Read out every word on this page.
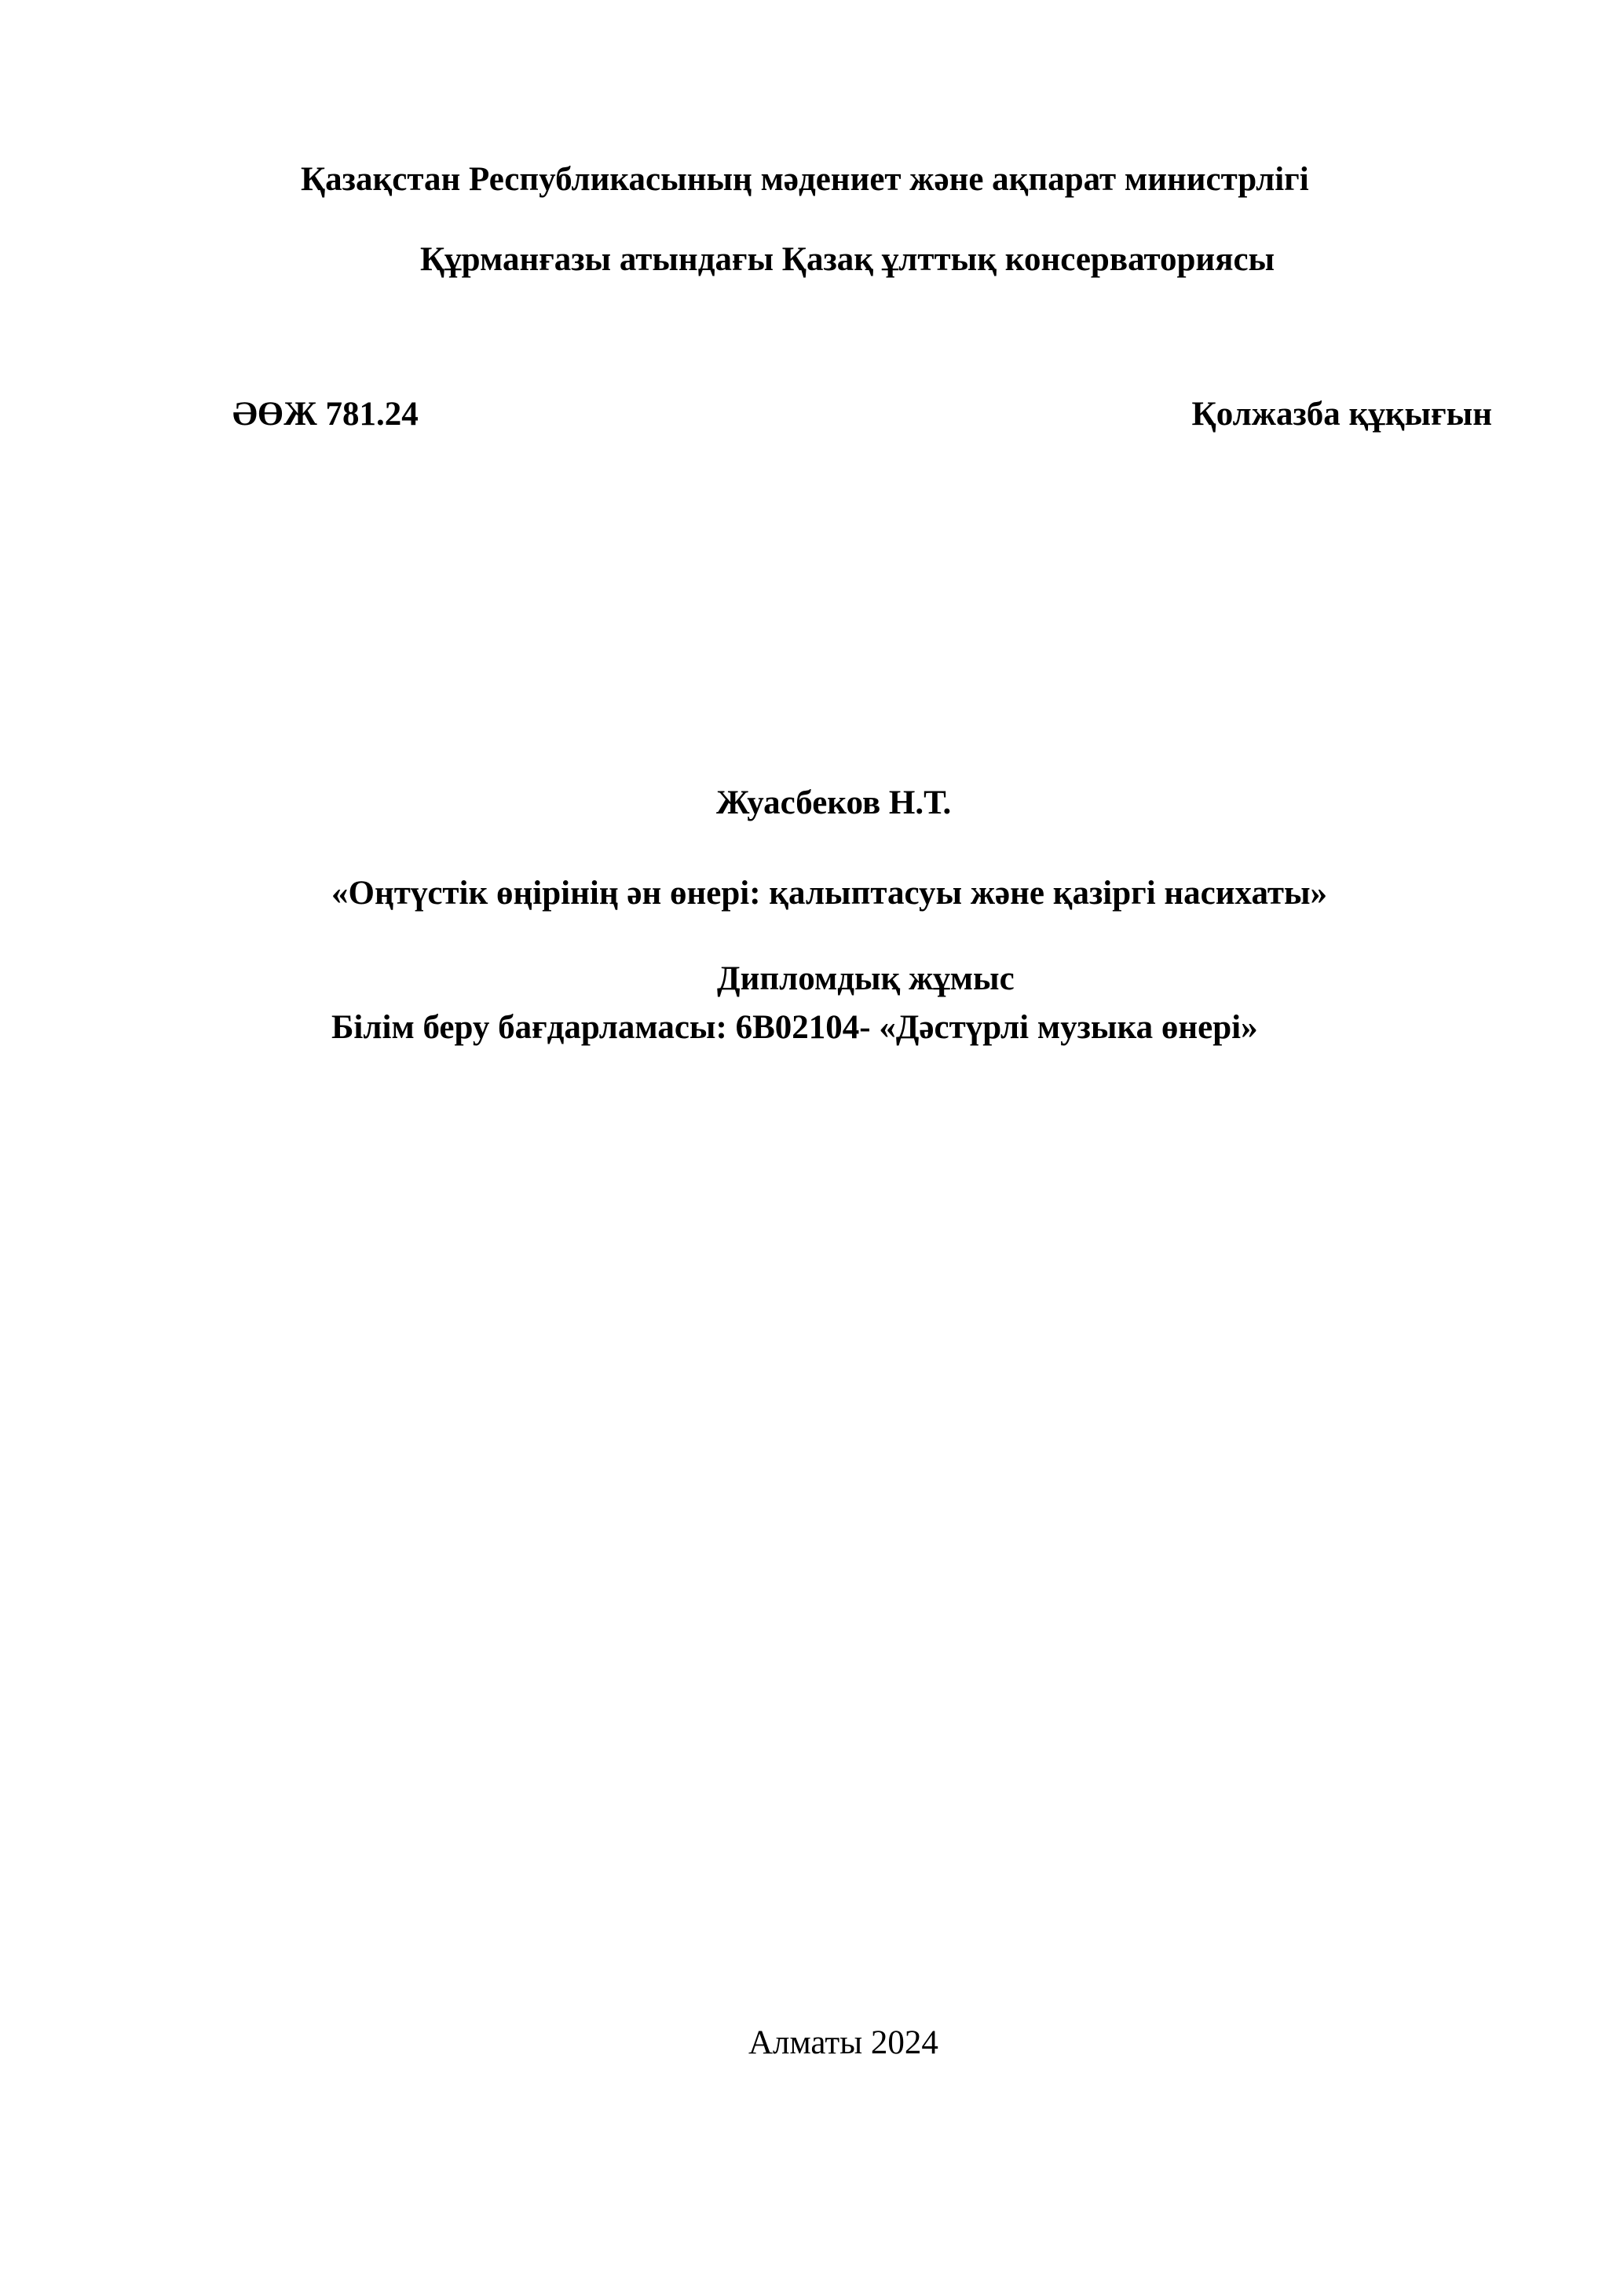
Қазақстан Республикасының мәдениет және ақпарат министрлігі
Құрманғазы атындағы Қазақ ұлттық консерваториясы
ӘӨЖ 781.24	Қолжазба құқығын
Жуасбеков Н.Т.
«Оңтүстік өңірінің ән өнері: қалыптасуы және қазіргі насихаты»
Дипломдық жұмыс
Білім беру бағдарламасы: 6В02104- «Дәстүрлі музыка өнері»
Алматы 2024
